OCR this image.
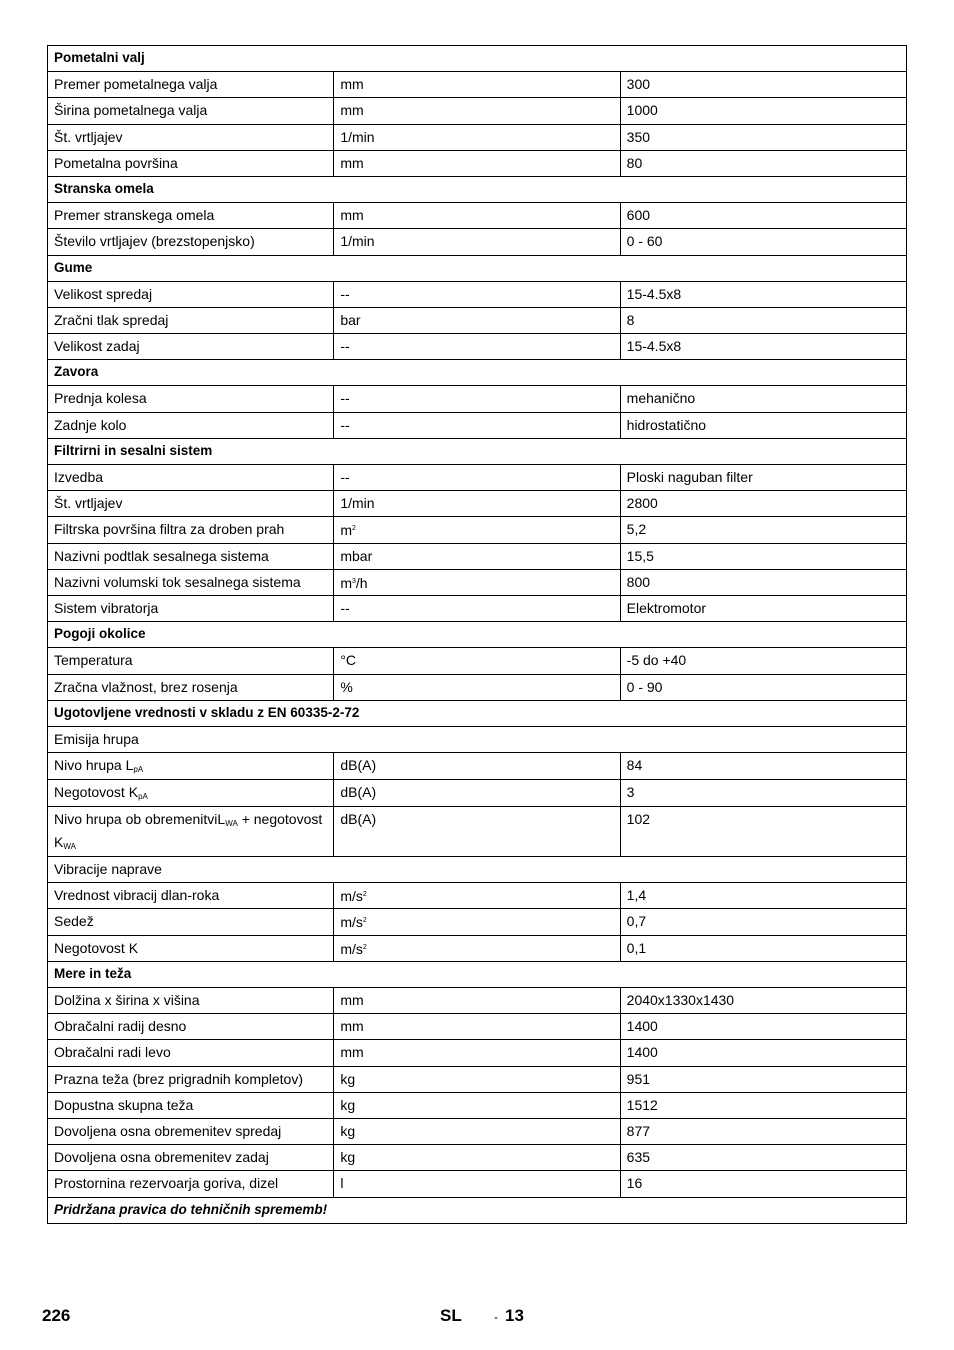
Pometalni valj		
Premer pometalnega valja	mm	300
Širina pometalnega valja	mm	1000
Št. vrtljajev	1/min	350
Pometalna površina	mm	80
Stranska omela		
Premer stranskega omela	mm	600
Število vrtljajev (brezstopenjsko)	1/min	0 - 60
Gume		
Velikost spredaj	--	15-4.5x8
Zračni tlak spredaj	bar	8
Velikost zadaj	--	15-4.5x8
Zavora		
Prednja kolesa	--	mehanično
Zadnje kolo	--	hidrostatično
Filtrirni in sesalni sistem		
Izvedba	--	Ploski naguban filter
Št. vrtljajev	1/min	2800
Filtrska površina filtra za droben prah	$m^2$	5,2
Nazivni podtlak sesalnega sistema	mbar	15,5
Nazivni volumski tok sesalnega sistema	$m^3/h$	800
Sistem vibratorja	--	Elektromotor
Pogoji okolice		
Temperatura	°C	-5 do +40
Zračna vlažnost, brez rosenja	%	0 - 90
Ugotovljene vrednosti v skladu z EN 60335-2-72		
Emisija hrupa		
Nivo hrupa $L_{pA}$	dB(A)	84
Negotovost $K_{pA}$	dB(A)	3
Nivo hrupa ob obremenitviL$_{WA}$ + negotovost $K_{WA}$	dB(A)	102
Vibracije naprave		
Vrednost vibracij dlan-roka	$m/s^2$	1,4
Sedež	$m/s^2$	0,7
Negotovost K	$m/s^2$	0,1
Mere in teža		
Dolžina x širina x višina	mm	2040x1330x1430
Obračalni radij desno	mm	1400
Obračalni radi levo	mm	1400
Prazna teža (brez prigradnih kompletov)	kg	951
Dopustna skupna teža	kg	1512
Dovoljena osna obremenitev spredaj	kg	877
Dovoljena osna obremenitev zadaj	kg	635
Prostornina rezervoarja goriva, dizel	l	16
Pridržana pravica do tehničnih sprememb!		
226	SL	- 13
